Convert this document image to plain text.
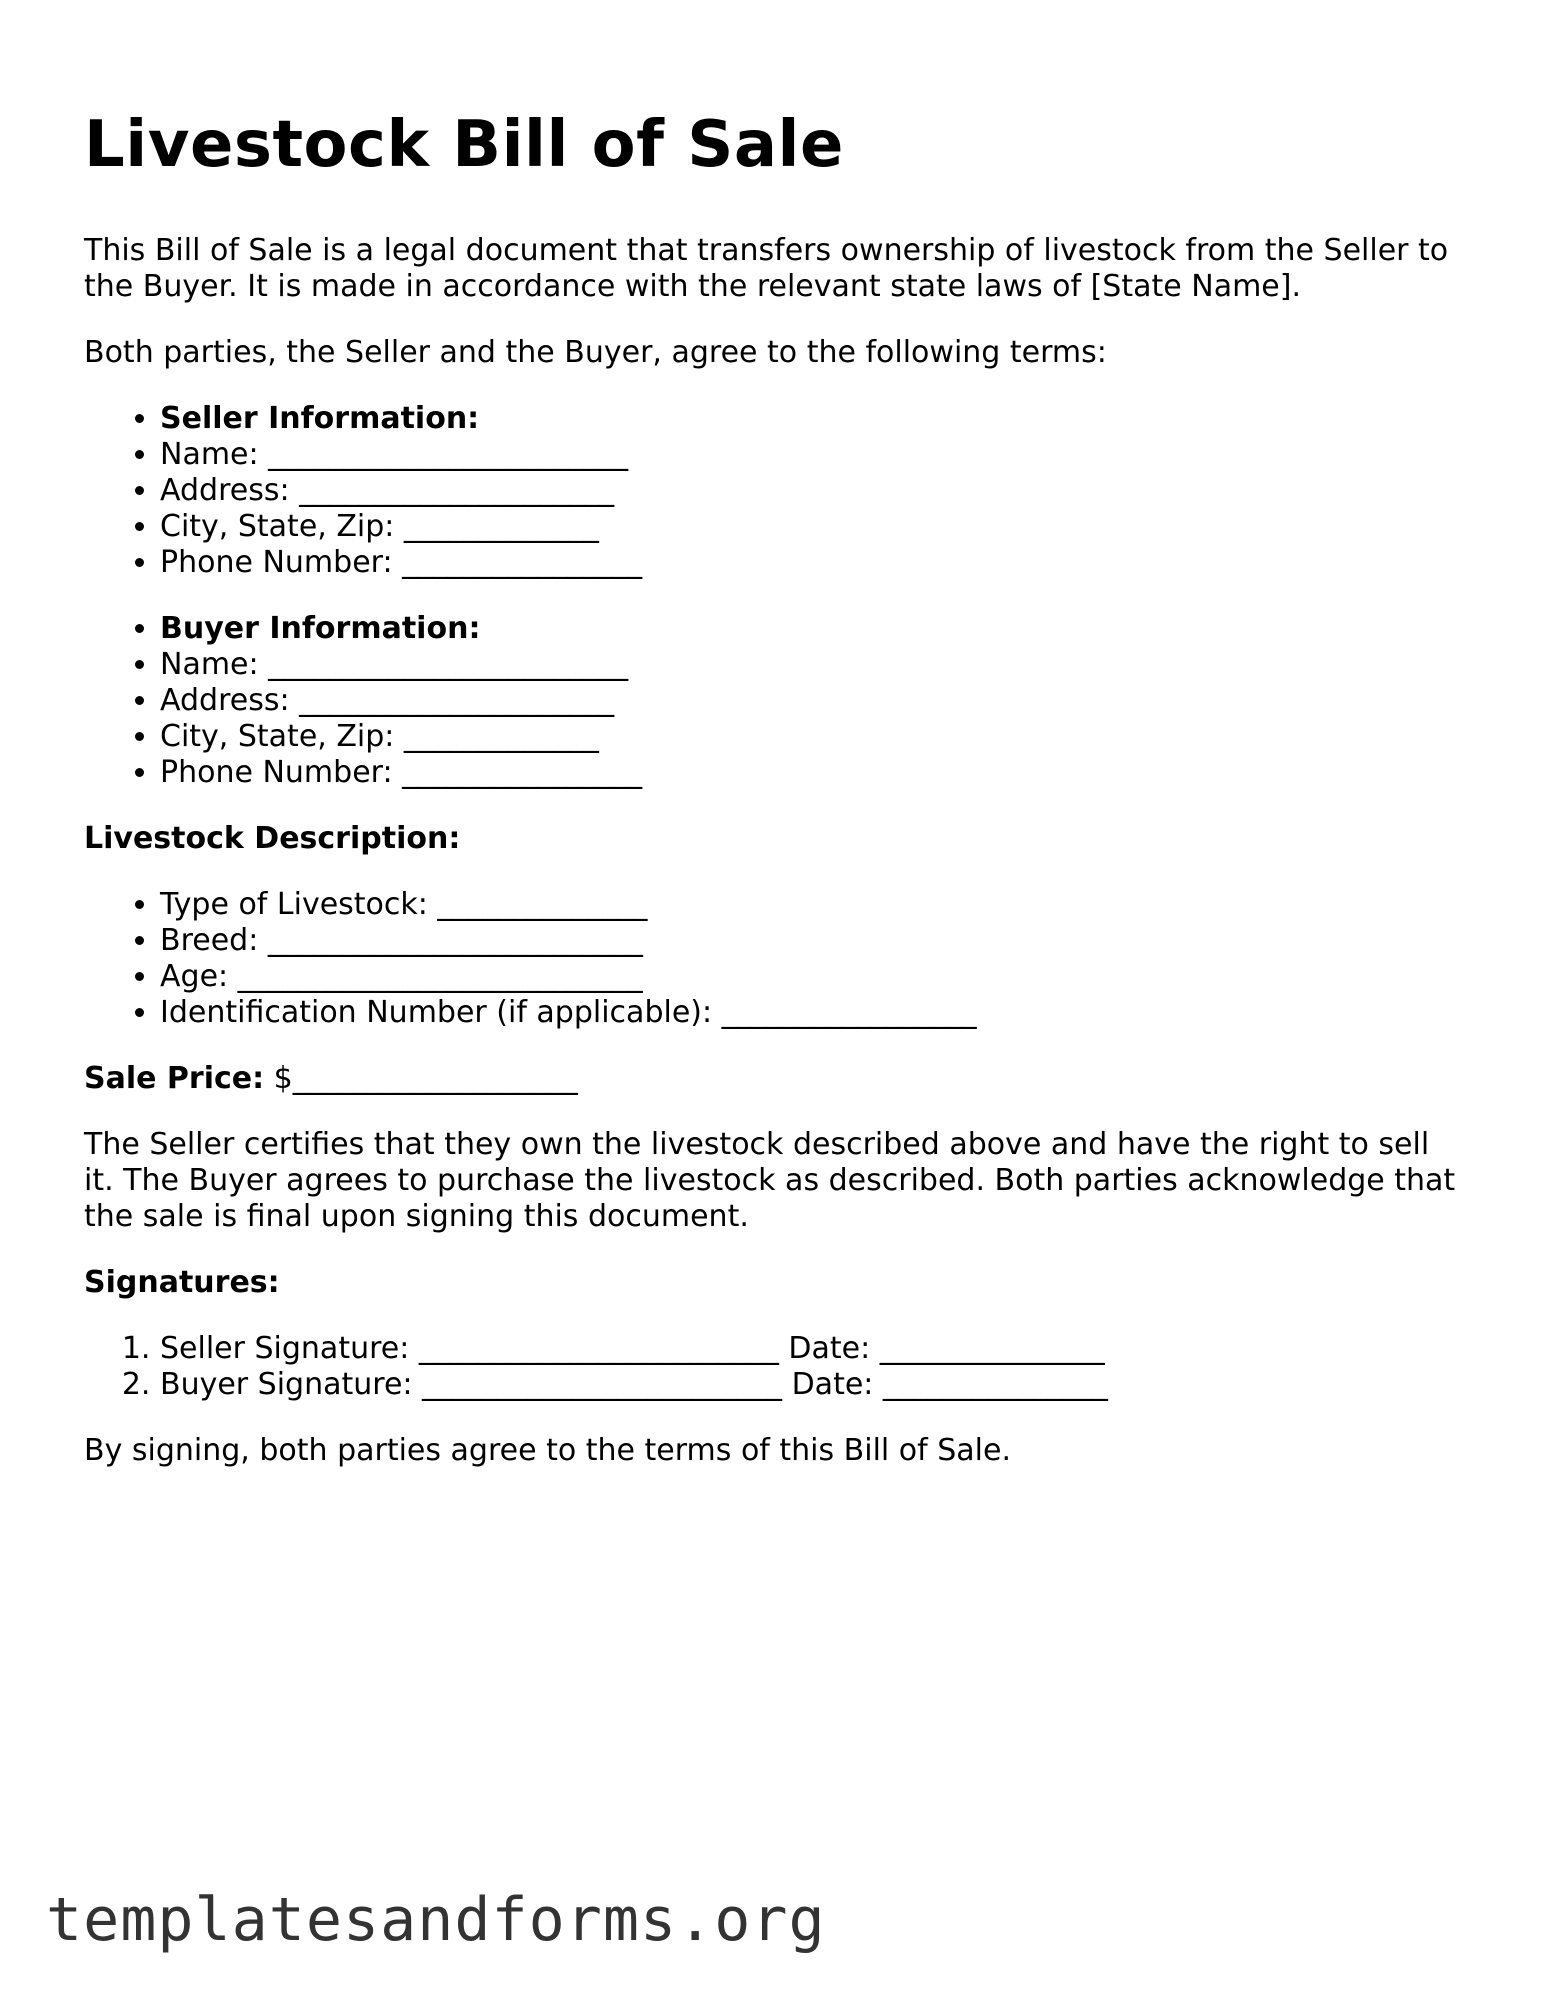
Livestock Bill of Sale

This Bill of Sale is a legal document that transfers ownership of livestock from the Seller to the Buyer. It is made in accordance with the relevant state laws of [State Name].

Both parties, the Seller and the Buyer, agree to the following terms:

• Seller Information:
• Name: ________________________
• Address: _____________________
• City, State, Zip: _____________
• Phone Number: ________________
• Buyer Information:
• Name: ________________________
• Address: _____________________
• City, State, Zip: _____________
• Phone Number: ________________
Livestock Description:
• Type of Livestock: ______________
• Breed: _________________________
• Age: ___________________________
• Identification Number (if applicable): _________________

Sale Price: $___________________

The Seller certifies that they own the livestock described above and have the right to sell it. The Buyer agrees to purchase the livestock as described. Both parties acknowledge that the sale is final upon signing this document.

Signatures:
1. Seller Signature: ________________________ Date: _______________
2. Buyer Signature: ________________________ Date: _______________

By signing, both parties agree to the terms of this Bill of Sale.

templatesandforms.org
